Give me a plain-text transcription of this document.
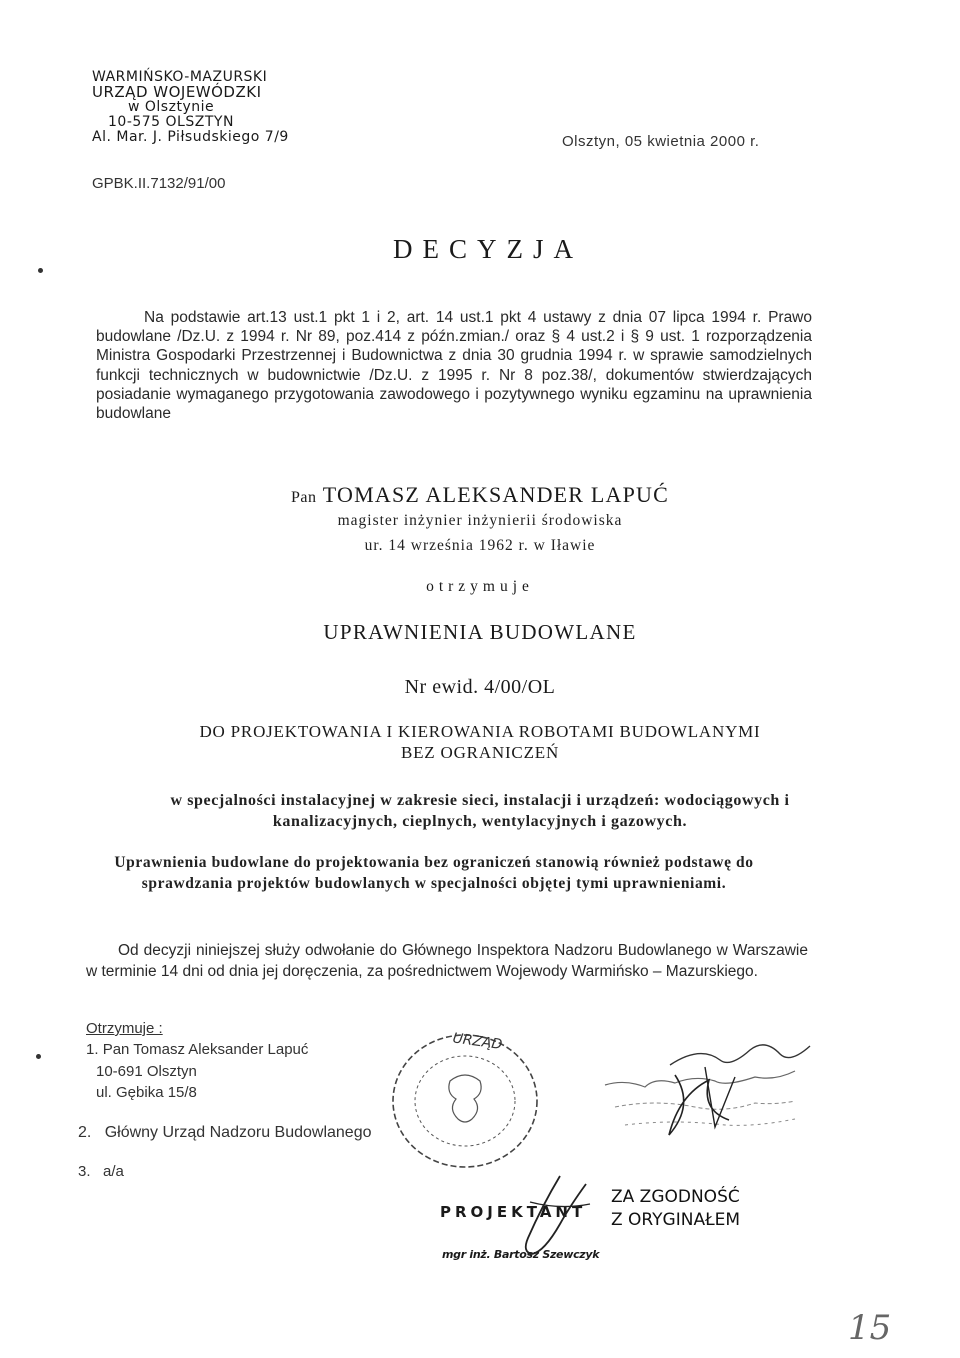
WARMIŃSKO-MAZURSKI
URZĄD WOJEWÓDZKI
w Olsztynie
10-575 OLSZTYN
Al. Mar. J. Piłsudskiego 7/9	Olsztyn, 05 kwietnia 2000 r.
GPBK.II.7132/91/00
DECYZJA
Na podstawie art.13 ust.1 pkt 1 i 2, art. 14 ust.1 pkt 4 ustawy z dnia 07 lipca 1994 r. Prawo budowlane /Dz.U. z 1994 r. Nr 89, poz.414 z późn.zmian./ oraz § 4 ust.2 i § 9 ust. 1 rozporządzenia Ministra Gospodarki Przestrzennej i Budownictwa z dnia 30 grudnia 1994 r. w sprawie samodzielnych funkcji technicznych w budownictwie /Dz.U. z 1995 r. Nr 8 poz.38/, dokumentów stwierdzających posiadanie wymaganego przygotowania zawodowego i pozytywnego wyniku egzaminu na uprawnienia budowlane
Pan TOMASZ ALEKSANDER LAPUĆ
magister inżynier inżynierii środowiska
ur. 14 września 1962 r. w Iławie
otrzymuje
UPRAWNIENIA BUDOWLANE
Nr ewid. 4/00/OL
DO PROJEKTOWANIA I KIEROWANIA ROBOTAMI BUDOWLANYMI
BEZ OGRANICZEŃ
w specjalności instalacyjnej w zakresie sieci, instalacji i urządzeń: wodociągowych i kanalizacyjnych, cieplnych, wentylacyjnych i gazowych.
Uprawnienia budowlane do projektowania bez ograniczeń stanowią również podstawę do sprawdzania projektów budowlanych w specjalności objętej tymi uprawnieniami.
Od decyzji niniejszej służy odwołanie do Głównego Inspektora Nadzoru Budowlanego w Warszawie w terminie 14 dni od dnia jej doręczenia, za pośrednictwem Wojewody Warmińsko – Mazurskiego.
Otrzymuje :
1. Pan Tomasz Aleksander Lapuć
10-691 Olsztyn
ul. Gębika 15/8
2. Główny Urząd Nadzoru Budowlanego
3. a/a
URZĄD
PROJEKTANT
mgr inż. Bartosz Szewczyk
ZA ZGODNOŚĆ
Z ORYGINAŁEM
15
